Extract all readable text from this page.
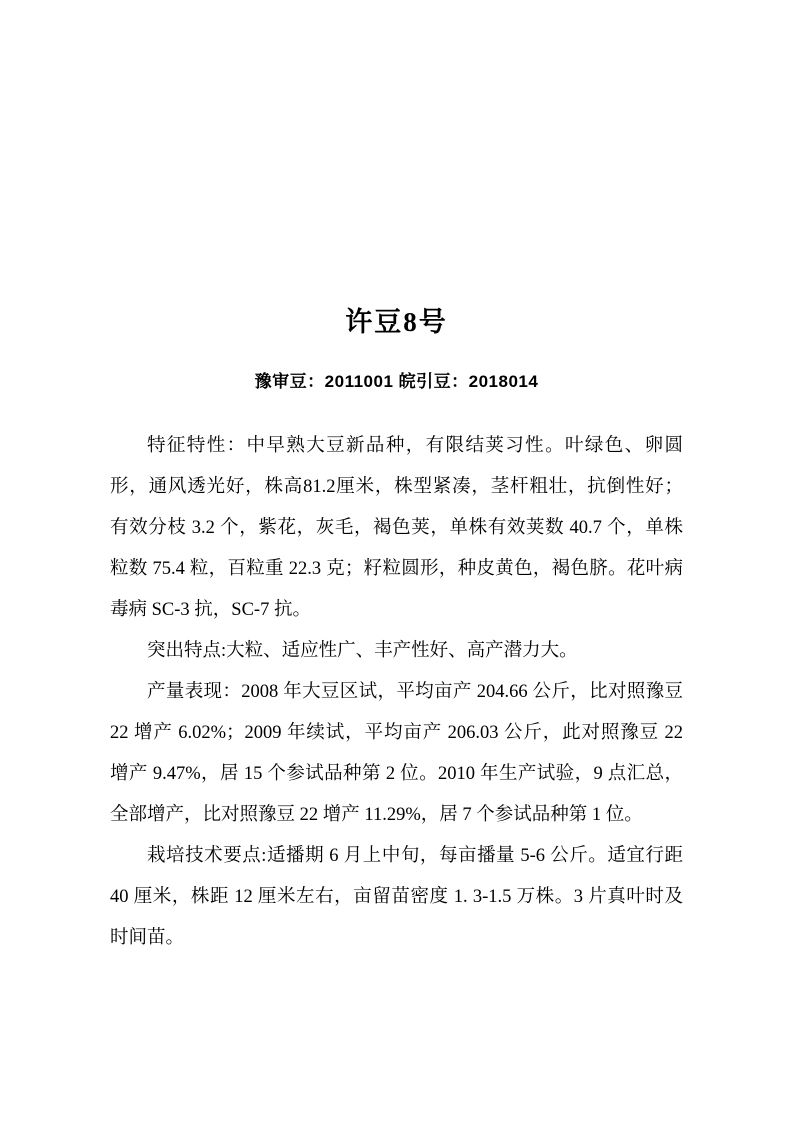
许豆8号
豫审豆：2011001 皖引豆：2018014

特征特性：中早熟大豆新品种，有限结荚习性。叶绿色、卵圆形，通风透光好，株高81.2厘米，株型紧凑，茎杆粗壮，抗倒性好； 有效分枝 3.2 个，紫花，灰毛，褐色荚，单株有效荚数 40.7 个，单株粒数 75.4 粒，百粒重 22.3 克；籽粒圆形，种皮黄色，褐色脐。花叶病毒病 SC-3 抗，SC-7 抗。

突出特点:大粒、适应性广、丰产性好、高产潜力大。

产量表现：2008 年大豆区试，平均亩产 204.66 公斤，比对照豫豆 22 增产 6.02%；2009 年续试，平均亩产 206.03 公斤，此对照豫豆 22 增产 9.47%，居 15 个参试品种第 2 位。2010 年生产试验，9 点汇总，全部增产，比对照豫豆 22 增产 11.29%，居 7 个参试品种第 1 位。

栽培技术要点:适播期 6 月上中旬，每亩播量 5-6 公斤。适宜行距 40 厘米，株距 12 厘米左右，亩留苗密度 1. 3-1.5 万株。3 片真叶时及时间苗。
